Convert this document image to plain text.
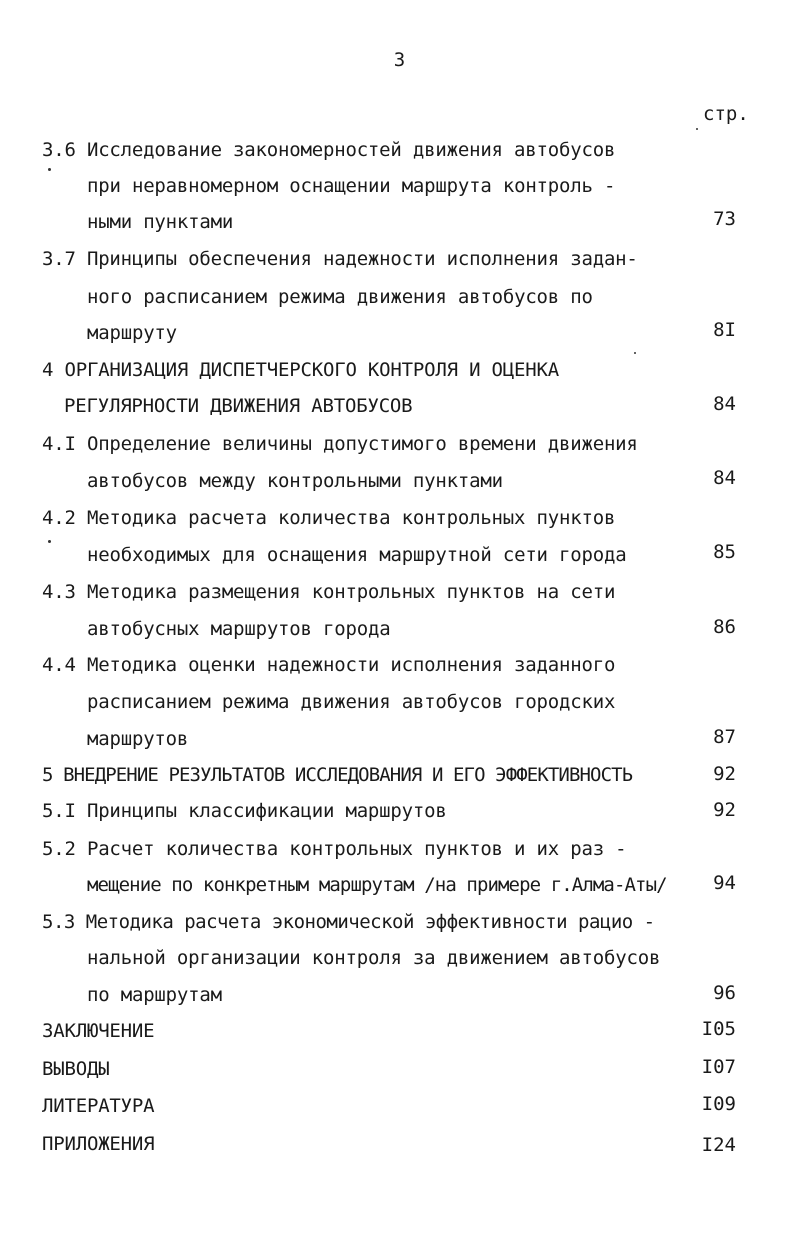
3
стр.
3.6 Исследование закономерностей движения автобусов
при неравномерном оснащении маршрута контроль -
ными пунктами	73
3.7 Принципы обеспечения надежности исполнения задан-
ного расписанием режима движения автобусов по
маршруту	8I
4 ОРГАНИЗАЦИЯ ДИСПЕТЧЕРСКОГО КОНТРОЛЯ И ОЦЕНКА
РЕГУЛЯРНОСТИ ДВИЖЕНИЯ АВТОБУСОВ	84
4.I Определение величины допустимого времени движения
автобусов между контрольными пунктами	84
4.2 Методика расчета количества контрольных пунктов
необходимых для оснащения маршрутной сети города	85
4.3 Методика размещения контрольных пунктов на сети
автобусных маршрутов города	86
4.4 Методика оценки надежности исполнения заданного
расписанием режима движения автобусов городских
маршрутов	87
5 ВНЕДРЕНИЕ РЕЗУЛЬТАТОВ ИССЛЕДОВАНИЯ И ЕГО ЭФФЕКТИВНОСТЬ	92
5.I Принципы классификации маршрутов	92
5.2 Расчет количества контрольных пунктов и их раз -
мещение по конкретным маршрутам /на примере г.Алма-Аты/	94
5.3 Методика расчета экономической эффективности рацио -
нальной организации контроля за движением автобусов
по маршрутам	96
ЗАКЛЮЧЕНИЕ	I05
ВЫВОДЫ	I07
ЛИТЕРАТУРА	I09
ПРИЛОЖЕНИЯ	I24
